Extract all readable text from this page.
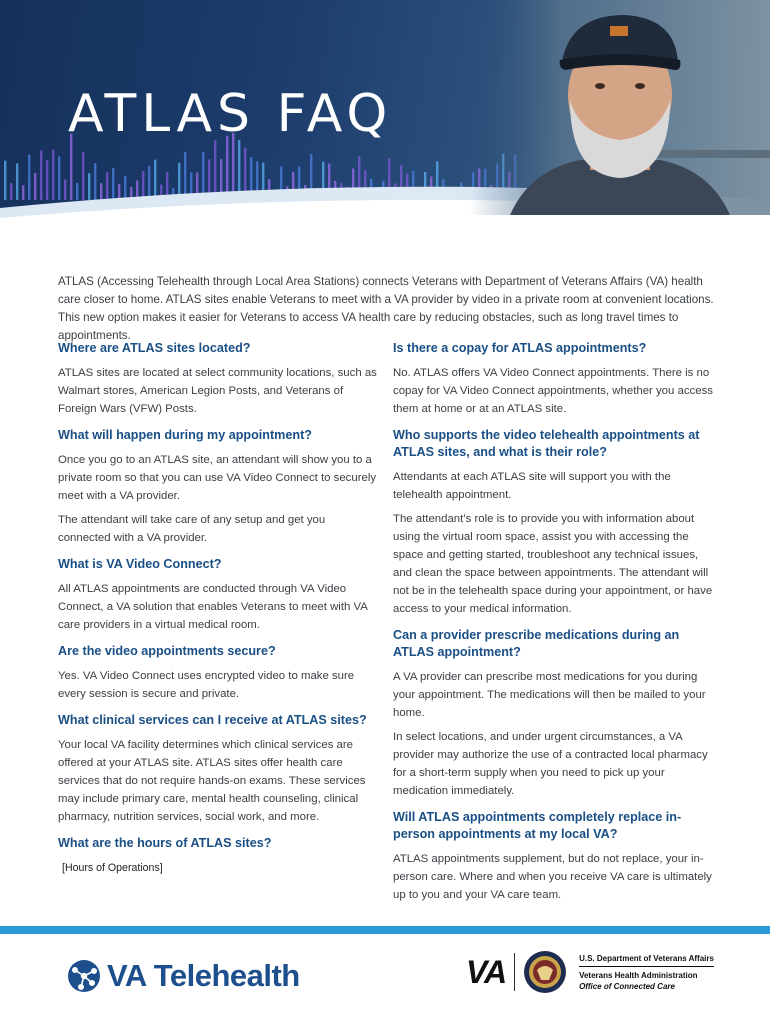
ATLAS FAQ
ATLAS (Accessing Telehealth through Local Area Stations) connects Veterans with Department of Veterans Affairs (VA) health care closer to home. ATLAS sites enable Veterans to meet with a VA provider by video in a private room at convenient locations. This new option makes it easier for Veterans to access VA health care by reducing obstacles, such as long travel times to appointments.
Where are ATLAS sites located?

ATLAS sites are located at select community locations, such as Walmart stores, American Legion Posts, and Veterans of Foreign Wars (VFW) Posts.

What will happen during my appointment?

Once you go to an ATLAS site, an attendant will show you to a private room so that you can use VA Video Connect to securely meet with a VA provider.

The attendant will take care of any setup and get you connected with a VA provider.

What is VA Video Connect?

All ATLAS appointments are conducted through VA Video Connect, a VA solution that enables Veterans to meet with VA care providers in a virtual medical room.

Are the video appointments secure?

Yes. VA Video Connect uses encrypted video to make sure every session is secure and private.

What clinical services can I receive at ATLAS sites?

Your local VA facility determines which clinical services are offered at your ATLAS site. ATLAS sites offer health care services that do not require hands-on exams. These services may include primary care, mental health counseling, clinical pharmacy, nutrition services, social work, and more.

What are the hours of ATLAS sites?

[Hours of Operations]

Is there a copay for ATLAS appointments?

No. ATLAS offers VA Video Connect appointments. There is no copay for VA Video Connect appointments, whether you access them at home or at an ATLAS site.

Who supports the video telehealth appointments at ATLAS sites, and what is their role?

Attendants at each ATLAS site will support you with the telehealth appointment.

The attendant’s role is to provide you with information about using the virtual room space, assist you with accessing the space and getting started, troubleshoot any technical issues, and clean the space between appointments. The attendant will not be in the telehealth space during your appointment, or have access to your medical information.

Can a provider prescribe medications during an ATLAS appointment?

A VA provider can prescribe most medications for you during your appointment. The medications will then be mailed to your home.

In select locations, and under urgent circumstances, a VA provider may authorize the use of a contracted local pharmacy for a short-term supply when you need to pick up your medication immediately.

Will ATLAS appointments completely replace in-person appointments at my local VA?

ATLAS appointments supplement, but do not replace, your in-person care. Where and when you receive VA care is ultimately up to you and your VA care team.

VA Telehealth	VA	U.S. Department of Veterans Affairs
Veterans Health Administration
Office of Connected Care
